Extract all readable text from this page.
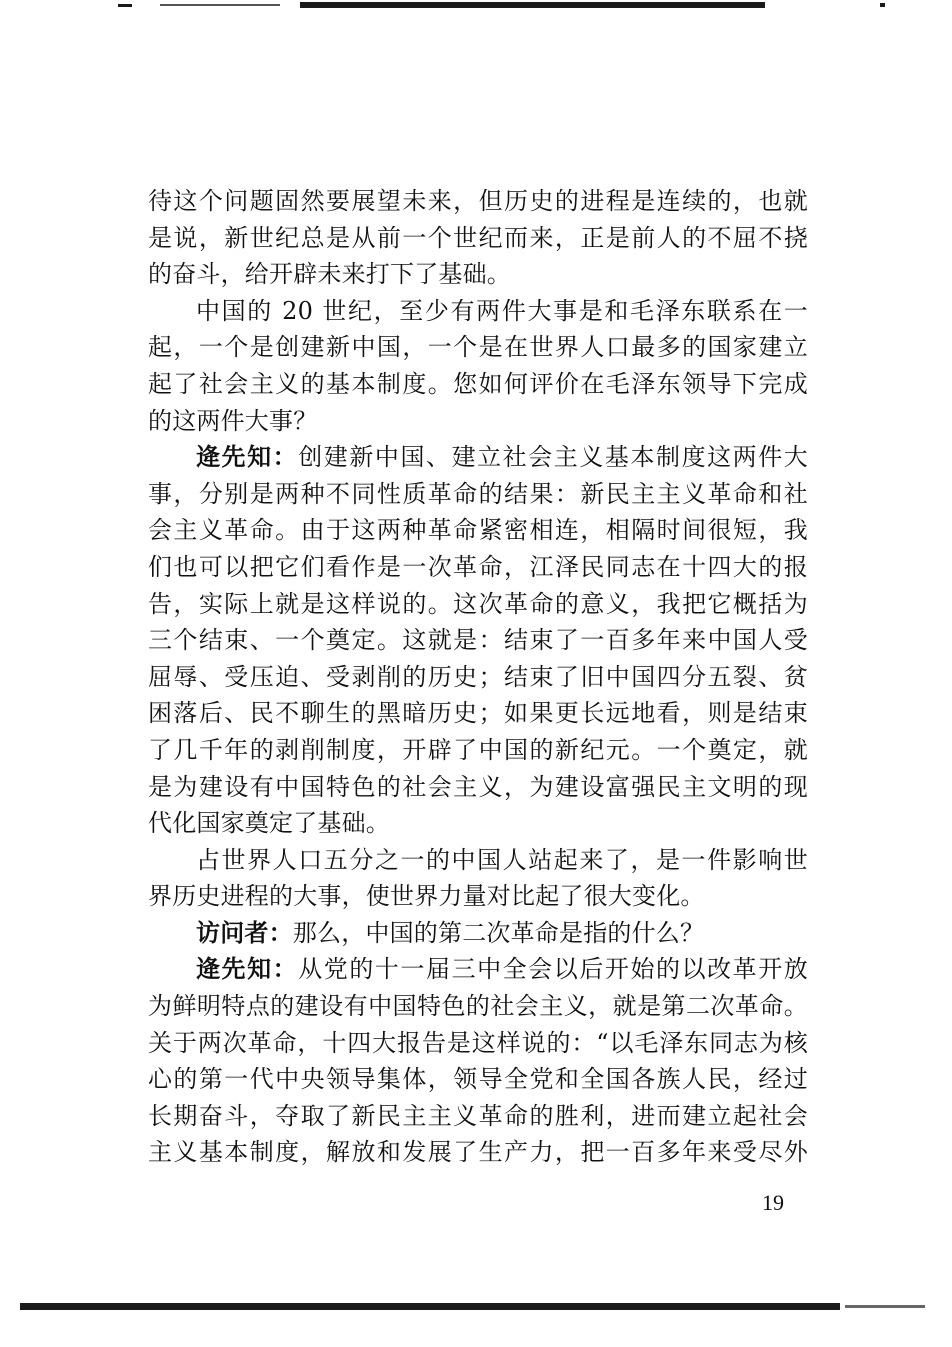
待这个问题固然要展望未来，但历史的进程是连续的，也就
是说，新世纪总是从前一个世纪而来，正是前人的不屈不挠
的奋斗，给开辟未来打下了基础。
中国的 20 世纪，至少有两件大事是和毛泽东联系在一
起，一个是创建新中国，一个是在世界人口最多的国家建立
起了社会主义的基本制度。您如何评价在毛泽东领导下完成
的这两件大事？
逄先知：创建新中国、建立社会主义基本制度这两件大
事，分别是两种不同性质革命的结果：新民主主义革命和社
会主义革命。由于这两种革命紧密相连，相隔时间很短，我
们也可以把它们看作是一次革命，江泽民同志在十四大的报
告，实际上就是这样说的。这次革命的意义，我把它概括为
三个结束、一个奠定。这就是：结束了一百多年来中国人受
屈辱、受压迫、受剥削的历史；结束了旧中国四分五裂、贫
困落后、民不聊生的黑暗历史；如果更长远地看，则是结束
了几千年的剥削制度，开辟了中国的新纪元。一个奠定，就
是为建设有中国特色的社会主义，为建设富强民主文明的现
代化国家奠定了基础。
占世界人口五分之一的中国人站起来了，是一件影响世
界历史进程的大事，使世界力量对比起了很大变化。
访问者：那么，中国的第二次革命是指的什么？
逄先知：从党的十一届三中全会以后开始的以改革开放
为鲜明特点的建设有中国特色的社会主义，就是第二次革命。
关于两次革命，十四大报告是这样说的：“以毛泽东同志为核
心的第一代中央领导集体，领导全党和全国各族人民，经过
长期奋斗，夺取了新民主主义革命的胜利，进而建立起社会
主义基本制度，解放和发展了生产力，把一百多年来受尽外
19
